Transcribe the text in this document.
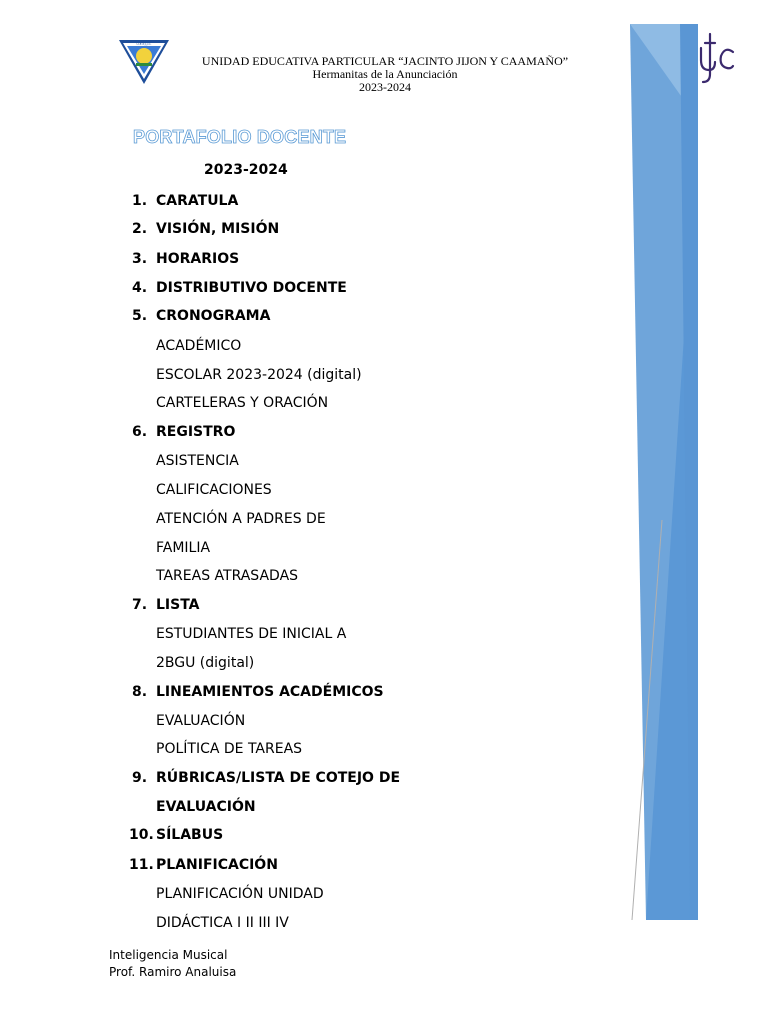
U.E.P.J.J.C.
UNIDAD EDUCATIVA PARTICULAR “JACINTO JIJON Y CAAMAÑO”
Hermanitas de la Anunciación
2023-2024
PORTAFOLIO DOCENTE
2023-2024
1. CARATULA
2. VISIÓN, MISIÓN
3. HORARIOS
4. DISTRIBUTIVO DOCENTE
5. CRONOGRAMA
ACADÉMICO
ESCOLAR 2023-2024 (digital)
CARTELERAS Y ORACIÓN
6. REGISTRO
ASISTENCIA
CALIFICACIONES
ATENCIÓN A PADRES DE
FAMILIA
TAREAS ATRASADAS
7. LISTA
ESTUDIANTES DE INICIAL A
2BGU (digital)
8. LINEAMIENTOS ACADÉMICOS
EVALUACIÓN
POLÍTICA DE TAREAS
9. RÚBRICAS/LISTA DE COTEJO DE
EVALUACIÓN
10. SÍLABUS
11. PLANIFICACIÓN
PLANIFICACIÓN UNIDAD
DIDÁCTICA I II III IV
Inteligencia Musical
Prof. Ramiro Analuisa
